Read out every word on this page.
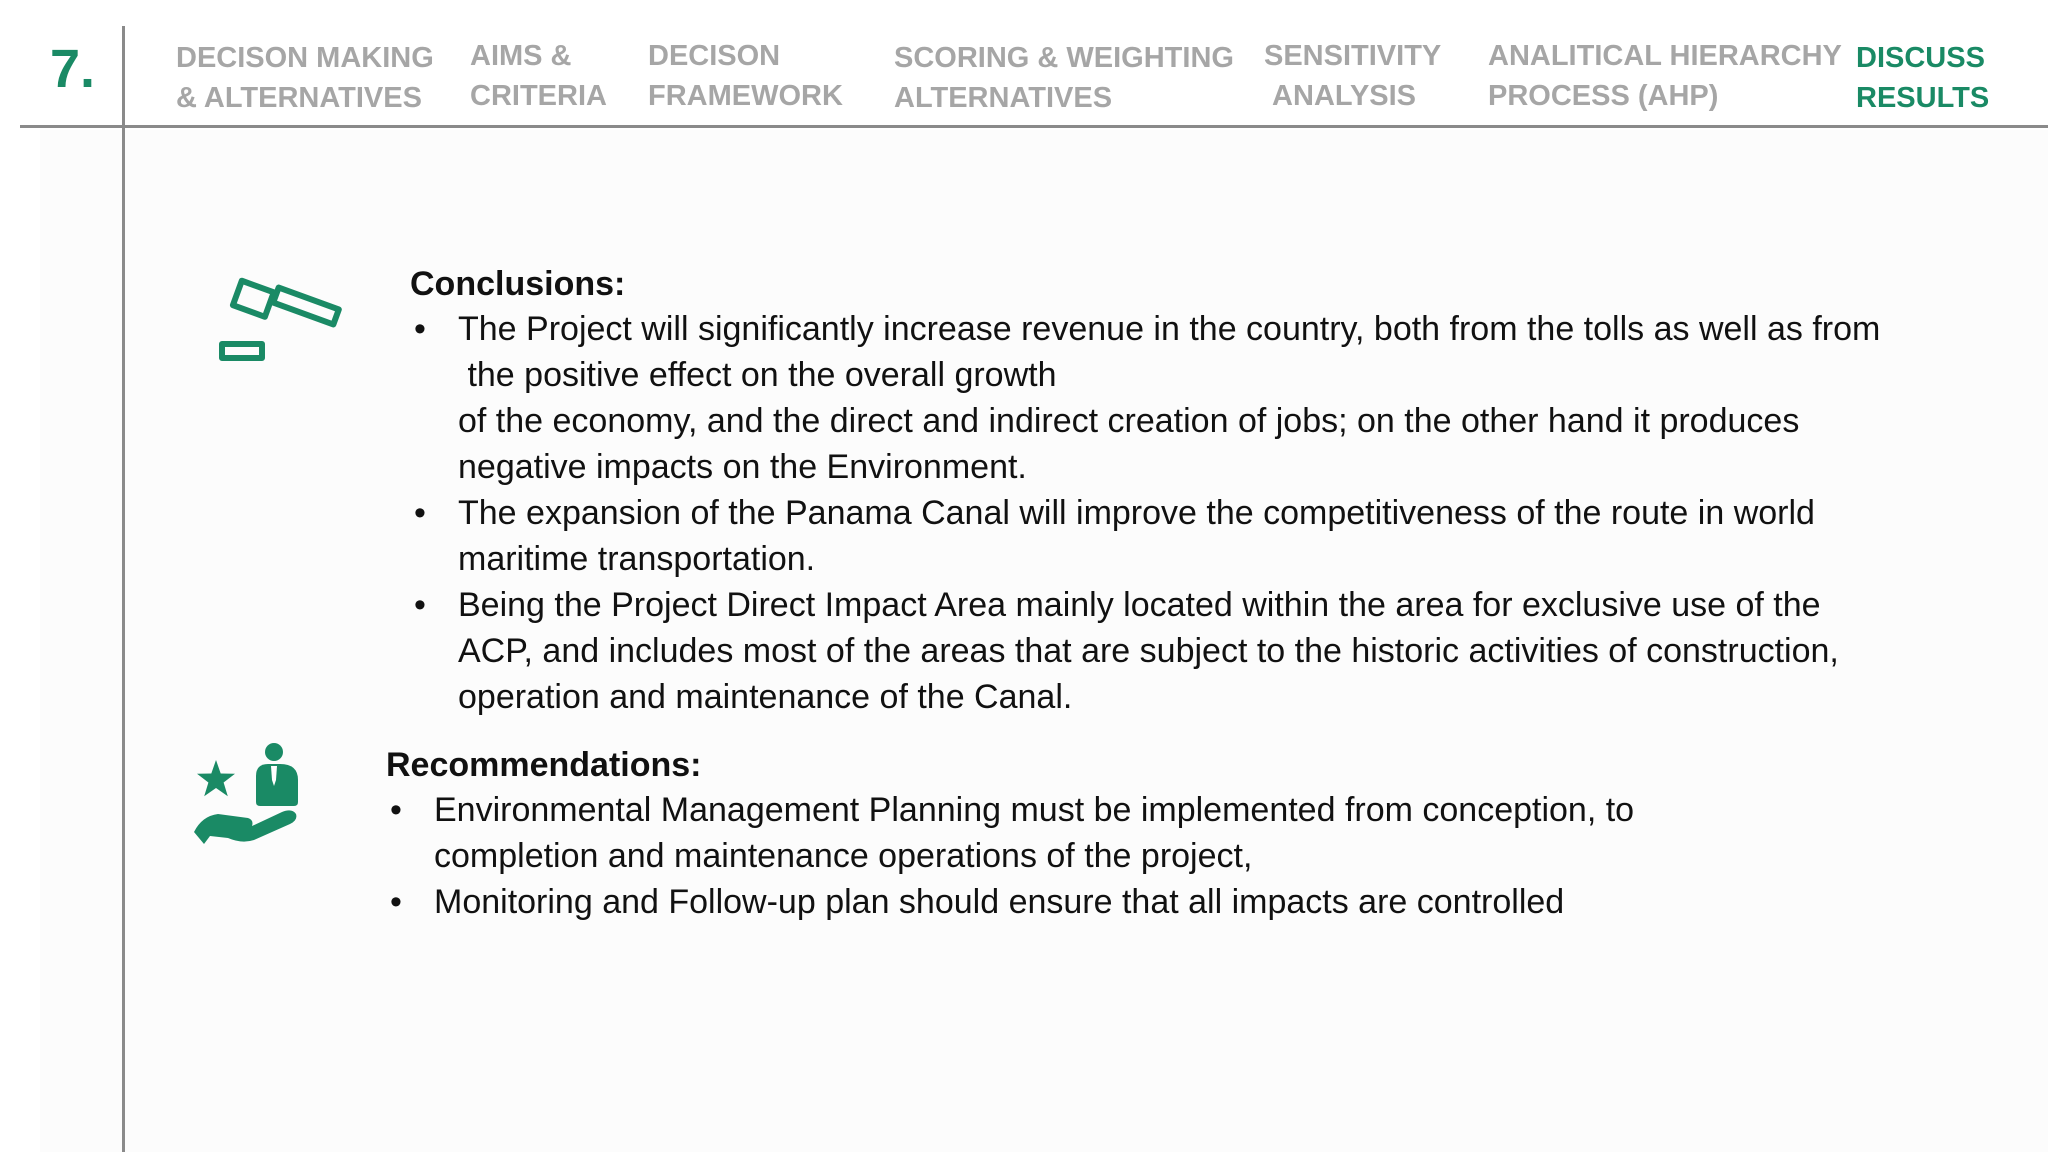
7.	DECISON MAKING
& ALTERNATIVES
AIMS &
CRITERIA
DECISON
FRAMEWORK
SCORING & WEIGHTING
ALTERNATIVES
SENSITIVITY
ANALYSIS
ANALITICAL HIERARCHY
PROCESS (AHP)
DISCUSS
RESULTS
Conclusions:
• The Project will significantly increase revenue in the country, both from the tolls as well as from
the positive effect on the overall growth
of the economy, and the direct and indirect creation of jobs; on the other hand it produces
negative impacts on the Environment.
• The expansion of the Panama Canal will improve the competitiveness of the route in world
maritime transportation.
• Being the Project Direct Impact Area mainly located within the area for exclusive use of the
ACP, and includes most of the areas that are subject to the historic activities of construction,
operation and maintenance of the Canal.
Recommendations:
• Environmental Management Planning must be implemented from conception, to
completion and maintenance operations of the project,
• Monitoring and Follow-up plan should ensure that all impacts are controlled
